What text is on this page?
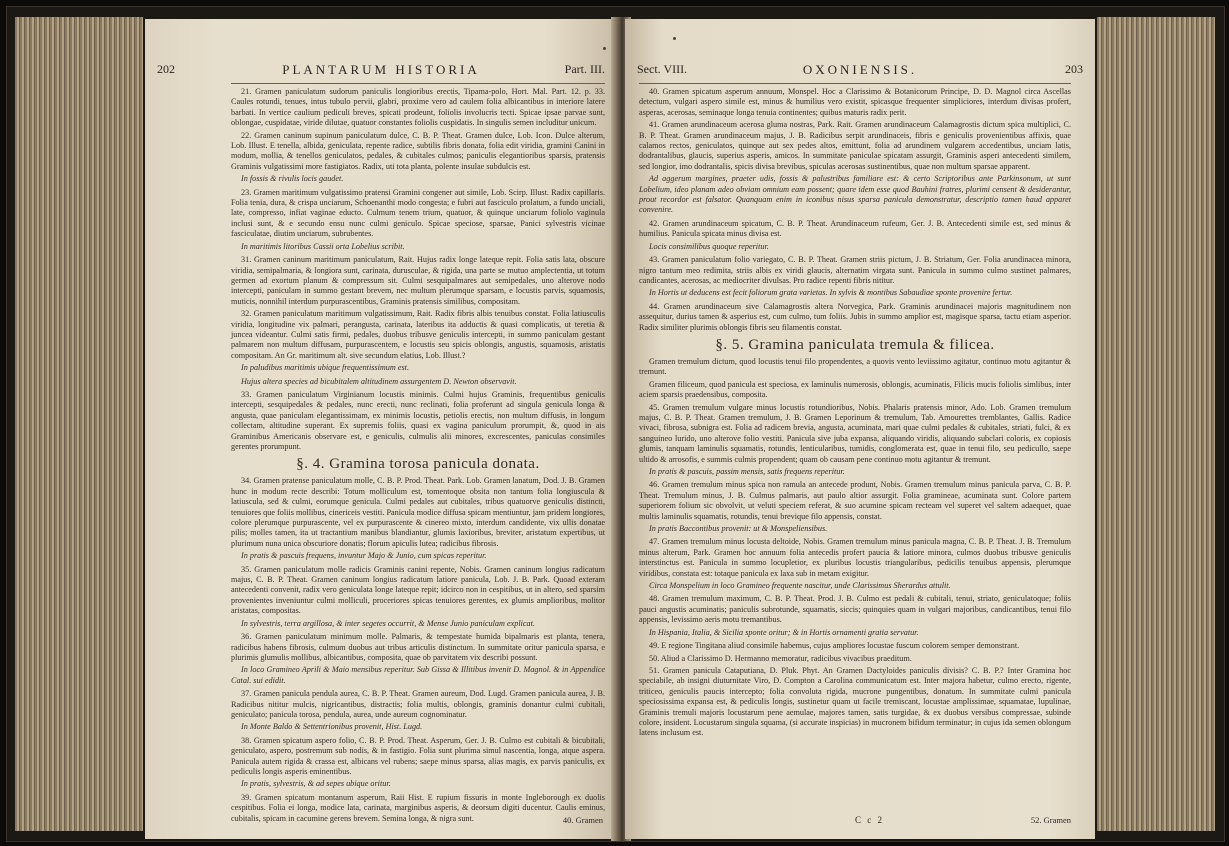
202	PLANTARUM HISTORIA	Part. III.

21. Gramen paniculatum sudorum paniculis longioribus erectis, Tipama-polo, Hort. Mal. Part. 12. p. 33. Caules rotundi, tenues, intus tubulo pervii, glabri, proxime vero ad caulem folia albicantibus in interiore latere barbati. In vertice caulium pediculi breves, spicati prodeunt, foliolis involucris tecti. Spicae ipsae parvae sunt, oblongae, cuspidatae, viride dilutae, quatuor constantes foliolis cuspidatis. In singulis semen includitur unicum.

22. Gramen caninum supinum paniculatum dulce, C. B. P. Theat. Gramen dulce, Lob. Icon. Dulce alterum, Lob. Illust. E tenella, albida, geniculata, repente radice, subtilis fibris donata, folia edit viridia, gramini Canini in modum, mollia, & tenellos geniculatos, pedales, & cubitales culmos; paniculis elegantioribus sparsis, pratensis Graminis vulgatissimi more fastigiatos. Radix, uti tota planta, polente insulae subdulcis est.

In fossis & rivulis locis gaudet.

23. Gramen maritimum vulgatissimo pratensi Gramini congener aut simile, Lob. Scirp. Illust. Radix capillaris. Folia tenia, dura, & crispa unciarum, Schoenanthi modo congesta; e fubri aut fasciculo prolatum, a fundo unciali, late, compresso, infiat vaginae educto. Culmum tenem trium, quatuor, & quinque unciarum foliolo vaginula inclusi sunt, & e secundo ensu nunc culmi geniculo. Spicae speciose, sparsae, Panici sylvestris vicinae fasciculatae, diutim unciarum, subrubentes.

In maritimis litoribus Cassii orta Lobelius scribit.

31. Gramen caninum maritimum paniculatum, Rait. Hujus radix longe lateque repit. Folia satis lata, obscure viridia, semipalmaria, & longiora sunt, carinata, durusculae, & rigida, una parte se mutuo amplectentia, ut totum germen ad exortum planum & compressum sit. Culmi sesquipalmares aut semipedales, uno alterove nodo intercepti, paniculam in summo gestant brevem, nec multum plerumque sparsam, e locustis parvis, squamosis, muticis, nonnihil interdum purpurascentibus, Graminis pratensis similibus, compositam.

32. Gramen paniculatum maritimum vulgatissimum, Rait. Radix fibris albis tenuibus constat. Folia latiusculis viridia, longitudine vix palmari, perangusta, carinata, lateribus ita adductis & quasi complicatis, ut teretia & juncea videantur. Culmi satis firmi, pedales, duobus tribusve geniculis intercepti, in summo paniculam gestant palmarem non multum diffusam, purpurascentem, e locustis seu spicis oblongis, angustis, squamosis, aristatis compositam. An Gr. maritimum alt. sive secundum elatius, Lob. Illust.?

In paludibus maritimis ubique frequentissimum est.

Hujus altera species ad bicubitalem altitudinem assurgentem D. Newton observavit.

33. Gramen paniculatum Virginianum locustis minimis. Culmi hujus Graminis, frequentibus geniculis intercepti, sesquipedales & pedales, nunc erecti, nunc reclinati, folia proferunt ad singula genicula longa & angusta, quae paniculam elegantissimam, ex minimis locustis, petiolis erectis, non multum diffusis, in longum collectam, altitudine superant. Ex supremis foliis, quasi ex vagina paniculum prorumpit, &, quod in ais Graminibus Americanis observare est, e geniculis, culmulis alii minores, excrescentes, paniculas consimiles gerentes prorumpunt.

§. 4. Gramina torosa panicula donata.

34. Gramen pratense paniculatum molle, C. B. P. Prod. Theat. Park. Lob. Gramen lanatum, Dod. J. B. Gramen hunc in modum recte describi: Totum molliculum est, tomentoque obsita non tantum folia longiuscula & latiuscula, sed & culmi, eorumque genicula. Culmi pedales aut cubitales, tribus quatuorve geniculis distincti, tenuiores que foliis mollibus, cinericeis vestiti. Panicula modice diffusa spicam mentiuntur, jam pridem longiores, colore plerumque purpurascente, vel ex purpurascente & cinereo mixto, interdum candidente, vix ullis donatae pilis; molles tamen, ita ut tractantium manibus blandiantur, glumis laxioribus, breviter, aristatum expertibus, ut plurimum nuna unica obscuriore donatis; florum apiculis lutea; radicibus fibrosis.

In pratis & pascuis frequens, invuntur Majo & Junio, cum spicas reperitur.

35. Gramen paniculatum molle radicis Graminis canini repente, Nobis. Gramen caninum longius radicatum majus, C. B. P. Theat. Gramen caninum longius radicatum latiore panicula, Lob. J. B. Park. Quoad exteram antecedenti convenit, radix vero geniculata longe lateque repit; idcirco non in cespitibus, ut in altero, sed sparsim provenientes inveniuntur culmi molliculi, proceriores spicas tenuiores gerentes, ex glumis amplioribus, molitor aristatas, compositas.

In sylvestris, terra argillosa, & inter segetes occurrit, & Mense Junio paniculam explicat.

36. Gramen paniculatum minimum molle. Palmaris, & tempestate humida bipalmaris est planta, tenera, radicibus habens fibrosis, culmum duobus aut tribus articulis distinctum. In summitate oritur panicula sparsa, e plurimis glumulis mollibus, albicantibus, composita, quae ob parvitatem vix describi possunt.

In loco Gramineo Aprili & Maio mensibus reperitur. Sub Gissa & Illitibus invenit D. Magnol. & in Appendice Catal. sui edidit.

37. Gramen panicula pendula aurea, C. B. P. Theat. Gramen aureum, Dod. Lugd. Gramen panicula aurea, J. B. Radicibus nititur mulcis, nigricantibus, distractis; folia multis, oblongis, graminis donantur culmi cubitali, geniculato; panicula torosa, pendula, aurea, unde aureum cognominatur.

In Monte Baldo & Settentrionibus provenit, Hist. Lugd.

38. Gramen spicatum aspero folio, C. B. P. Prod. Theat. Asperum, Ger. J. B. Culmo est cubitali & bicubitali, geniculato, aspero, postremum sub nodis, & in fastigio. Folia sunt plurima simul nascentia, longa, atque aspera. Panicula autem rigida & crassa est, albicans vel rubens; saepe minus sparsa, alias magis, ex parvis paniculis, ex pediculis longis asperis eminentibus.

In pratis, sylvestris, & ad sepes ubique oritur.

39. Gramen spicatum montanum asperum, Raii Hist. E rupium fissuris in monte Ingleborough ex duolis cespitibus. Folia ei longa, modice lata, carinata, marginibus asperis, & deorsum digiti ducentur. Caulis eminus, cubitalis, spicam in cacumine gerens brevem. Semina longa, & nigra sunt.	40. Gramen
Sect. VIII.	OXONIENSIS.	203

40. Gramen spicatum asperum annuum, Monspel. Hoc a Clarissimo & Botanicorum Principe, D. D. Magnol circa Ascellas detectum, vulgari aspero simile est, minus & humilius vero existit, spicasque frequenter simpliciores, interdum divisas profert, asperas, acerosas, seminaque longa tenuia continentes; quibus maturis radix perit.

41. Gramen arundinaceum acerosa gluma nostras, Park. Rait. Gramen arundinaceum Calamagrostis dictum spica multiplici, C. B. P. Theat. Gramen arundinaceum majus, J. B. Radicibus serpit arundinaceis, fibris e geniculis provenientibus affixis, quae calamos rectos, geniculatos, quinque aut sex pedes altos, emittunt, folia ad arundinem vulgarem accedentibus, unciam latis, dodrantalibus, glaucis, superius asperis, amicos. In summitate paniculae spicatam assurgit, Graminis asperi antecedenti similem, sed longior, imo dodrantalis, spicis divisa brevibus, spiculas acerosas sustinentibus, quae non multum sparsae apparent.

Ad aggerum margines, praeter udis, fossis & palustribus familiare est: & certo Scriptoribus ante Parkinsonum, ut sunt Lobelium, ideo planam adeo obviam omnium eam possent; quare idem esse quod Bauhini fratres, plurimi censent & desiderantur, prout recordor est falsator. Quanquam enim in iconibus nisus sparsa panicula demonstratur, descriptio tamen haud apparet convenire.

42. Gramen arundinaceum spicatum, C. B. P. Theat. Arundinaceum rufeum, Ger. J. B. Antecedenti simile est, sed minus & humilius. Panicula spicata minus divisa est.

Locis consimilibus quoque reperitur.

43. Gramen paniculatum folio variegato, C. B. P. Theat. Gramen striis pictum, J. B. Striatum, Ger. Folia arundinacea minora, nigro tantum meo redimita, striis albis ex viridi glaucis, alternatim virgata sunt. Panicula in summo culmo sustinet palmares, candicantes, acerosas, ac mediocriter divulsas. Pro radice repenti fibris nititur.

In Hortis ut deducens est fecit foliorum grata varietas. In sylvis & montibus Sabaudiae sponte provenire fertur.

44. Gramen arundinaceum sive Calamagrostis altera Norvegica, Park. Graminis arundinacei majoris magnitudinem non assequitur, durius tamen & asperius est, cum culmo, tum foliis. Jubis in summo amplior est, magisque sparsa, tactu etiam asperior. Radix similiter plurimis oblongis fibris seu filamentis constat.

§. 5. Gramina paniculata tremula & filicea.

Gramen tremulum dictum, quod locustis tenui filo propendentes, a quovis vento leviissimo agitatur, continuo motu agitantur & tremunt.

Gramen filiceum, quod panicula est speciosa, ex laminulis numerosis, oblongis, acuminatis, Filicis mucis foliolis simlibus, inter aciem sparsis praedensibus, composita.

45. Gramen tremulum vulgare minus locustis rotundioribus, Nobis. Phalaris pratensis minor, Ado. Lob. Gramen tremulum majus, C. B. P. Theat. Gramen tremulum, J. B. Gramen Leporinum & tremulum, Tab. Amourettes tremblantes, Gallis. Radice vivaci, fibrosa, subnigra est. Folia ad radicem brevia, angusta, acuminata, mari quae culmi pedales & cubitales, striati, fulci, & ex sanguineo lurido, uno alterove folio vestiti. Panicula sive juba expansa, aliquando viridis, aliquando subclari coloris, ex copiosis glumis, tanquam laminulis squamatis, rotundis, lenticularibus, tumidis, conglomerata est, quae in tenui filo, seu pedicullo, saepe ultido & arrosofis, e summis culmis propendent; quam ob causam pene continuo motu agitantur & tremunt.

In pratis & pascuis, passim mensis, satis frequens reperitur.

46. Gramen tremulum minus spica non ramula an antecede produnt, Nobis. Gramen tremulum minus panicula parva, C. B. P. Theat. Tremulum minus, J. B. Culmus palmaris, aut paulo altior assurgit. Folia gramineae, acuminata sunt. Colore partem superiorem folium sic obvolvit, ut veluti speciem referat, & suo acumine spicam recteam vel superet vel saltem adaequet, quae multis laminulis squamatis, rotundis, tenui brevique filo appensis, constat.

In pratis Baccontibus provenit: ut & Monspeliensibus.

47. Gramen tremulum minus locusta deltoide, Nobis. Gramen tremulum minus panicula magna, C. B. P. Theat. J. B. Tremulum minus alterum, Park. Gramen hoc annuum folia antecedis profert paucia & latiore minora, culmos duobus tribusve geniculis interstinctus est. Panicula in summo locupletior, ex pluribus locustis triangularibus, pedicilis tenuibus appensis, plerumque viridibus, constata est: totaque panicula ex laxa sub in metam exigitur.

Circa Monspelium in loco Gramineo frequente nascitur, unde Clarissimus Sherardus attulit.

48. Gramen tremulum maximum, C. B. P. Theat. Prod. J. B. Culmo est pedali & cubitali, tenui, striato, geniculatoque; foliis pauci angustis acuminatis; paniculis subrotunde, squamatis, siccis; quinquies quam in vulgari majoribus, candicantibus, tenui filo appensis, levissimo aeris motu tremantibus.

In Hispania, Italia, & Sicilia sponte oritur; & in Hortis ornamenti gratia servatur.

49. E regione Tingitana aliud consimile habemus, cujus ampliores locustae fuscum colorem semper demonstrant.

50. Aliud a Clarissimo D. Hermanno memoratur, radicibus vivacibus praeditum.

51. Gramen panicula Cataputiana, D. Pluk. Phyt. An Gramen Dactyloides paniculis divisis? C. B. P.? Inter Gramina hoc speciabile, ab insigni diuturnitate Viro, D. Compton a Carolina communicatum est. Inter majora habetur, culmo erecto, rigente, triticeo, geniculis paucis intercepto; folia convoluta rigida, mucrone pungentibus, donatum. In summitate culmi panicula speciosissima expansa est, & pediculis longis, sustinetur quam ut facile tremiscant, locustae amplissimae, squamatae, lupulinae, Graminis tremuli majoris locustarum pene aemulae, majores tamen, satis turgidae, & ex duobus versibus compressae, subinde colore, insident. Locustarum singula squama, (si accurate inspicias) in mucronem bifidum terminatur; in cujus ida semen oblongum latens inclusum est.

C c 2	52. Gramen
